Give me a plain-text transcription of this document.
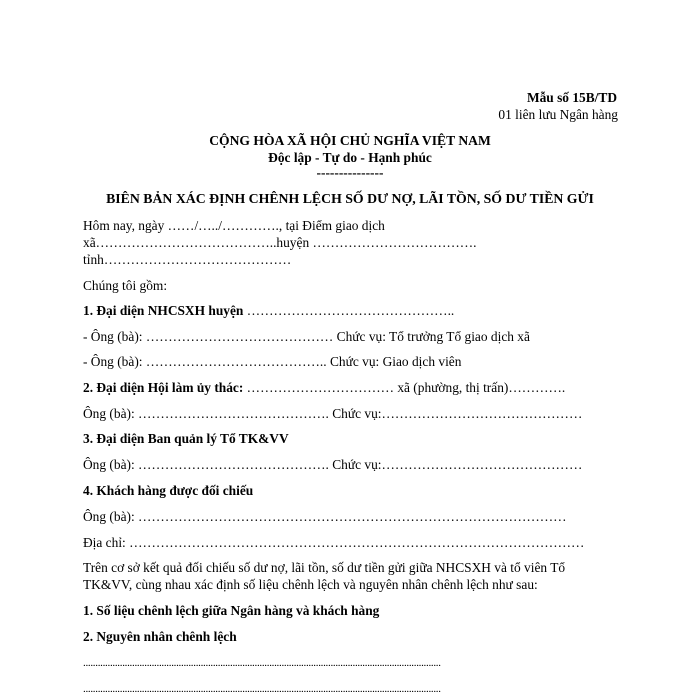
Mẫu số 15B/TD
01 liên lưu Ngân hàng
CỘNG HÒA XÃ HỘI CHỦ NGHĨA VIỆT NAM
Độc lập - Tự do - Hạnh phúc
---------------
BIÊN BẢN XÁC ĐỊNH CHÊNH LỆCH SỐ DƯ NỢ, LÃI TỒN, SỐ DƯ TIỀN GỬI
Hôm nay, ngày ……/…../…………., tại Điểm giao dịch
xã…………………………………..huyện ……………………………….
tỉnh……………………………………
Chúng tôi gồm:
1. Đại diện NHCSXH huyện ………………………………………..
- Ông (bà): …………………………………… Chức vụ: Tổ trưởng Tổ giao dịch xã
- Ông (bà): ………………………………….. Chức vụ: Giao dịch viên
2. Đại diện Hội làm ủy thác: …………………………… xã (phường, thị trấn)………….
Ông (bà): ……………………………………. Chức vụ:………………………………………
3. Đại diện Ban quản lý Tổ TK&VV
Ông (bà): ……………………………………. Chức vụ:………………………………………
4. Khách hàng được đối chiếu
Ông (bà): ……………………………………………………………………………………
Địa chỉ: …………………………………………………………………………………………
Trên cơ sở kết quả đối chiếu số dư nợ, lãi tồn, số dư tiền gửi giữa NHCSXH và tổ viên Tổ
TK&VV, cùng nhau xác định số liệu chênh lệch và nguyên nhân chênh lệch như sau:
1. Số liệu chênh lệch giữa Ngân hàng và khách hàng
2. Nguyên nhân chênh lệch
..................................................................................................................................................
..................................................................................................................................................
